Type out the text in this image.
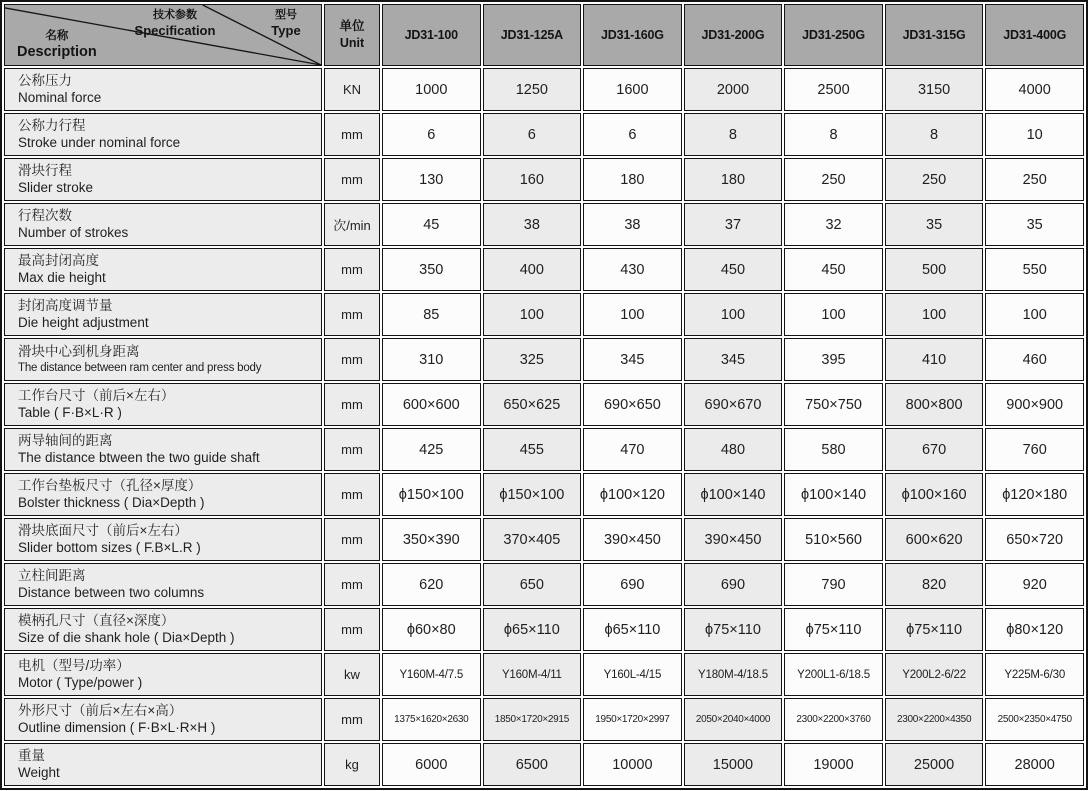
技术参数
Specification
型号
Type
名称
Description

单位
Unit
	JD31-100	JD31-125A	JD31-160G	JD31-200G	JD31-250G	JD31-315G	JD31-400G

公称压力
Nominal force	KN	1000	1250	1600	2000	2500	3150	4000

公称力行程
Stroke under nominal force	mm	6	6	6	8	8	8	10

滑块行程
Slider stroke	mm	130	160	180	180	250	250	250

行程次数
Number of strokes	次/min	45	38	38	37	32	35	35

最高封闭高度
Max die height	mm	350	400	430	450	450	500	550

封闭高度调节量
Die height adjustment	mm	85	100	100	100	100	100	100

滑块中心到机身距离
The distance between ram center and press body	mm	310	325	345	345	395	410	460

工作台尺寸（前后×左右）
Table ( F·B×L·R )	mm	600×600	650×625	690×650	690×670	750×750	800×800	900×900

两导轴间的距离
The distance btween the two guide shaft	mm	425	455	470	480	580	670	760

工作台垫板尺寸（孔径×厚度）
Bolster thickness ( Dia×Depth )	mm	ϕ150×100	ϕ150×100	ϕ100×120	ϕ100×140	ϕ100×140	ϕ100×160	ϕ120×180

滑块底面尺寸（前后×左右）
Slider bottom sizes ( F.B×L.R )	mm	350×390	370×405	390×450	390×450	510×560	600×620	650×720

立柱间距离
Distance between two columns	mm	620	650	690	690	790	820	920

模柄孔尺寸（直径×深度）
Size of die shank hole ( Dia×Depth )	mm	ϕ60×80	ϕ65×110	ϕ65×110	ϕ75×110	ϕ75×110	ϕ75×110	ϕ80×120

电机（型号/功率）
Motor ( Type/power )	kw	Y160M-4/7.5	Y160M-4/11	Y160L-4/15	Y180M-4/18.5	Y200L1-6/18.5	Y200L2-6/22	Y225M-6/30

外形尺寸（前后×左右×高）
Outline dimension ( F·B×L·R×H )	mm	1375×1620×2630	1850×1720×2915	1950×1720×2997	2050×2040×4000	2300×2200×3760	2300×2200×4350	2500×2350×4750

重量
Weight	kg	6000	6500	10000	15000	19000	25000	28000
